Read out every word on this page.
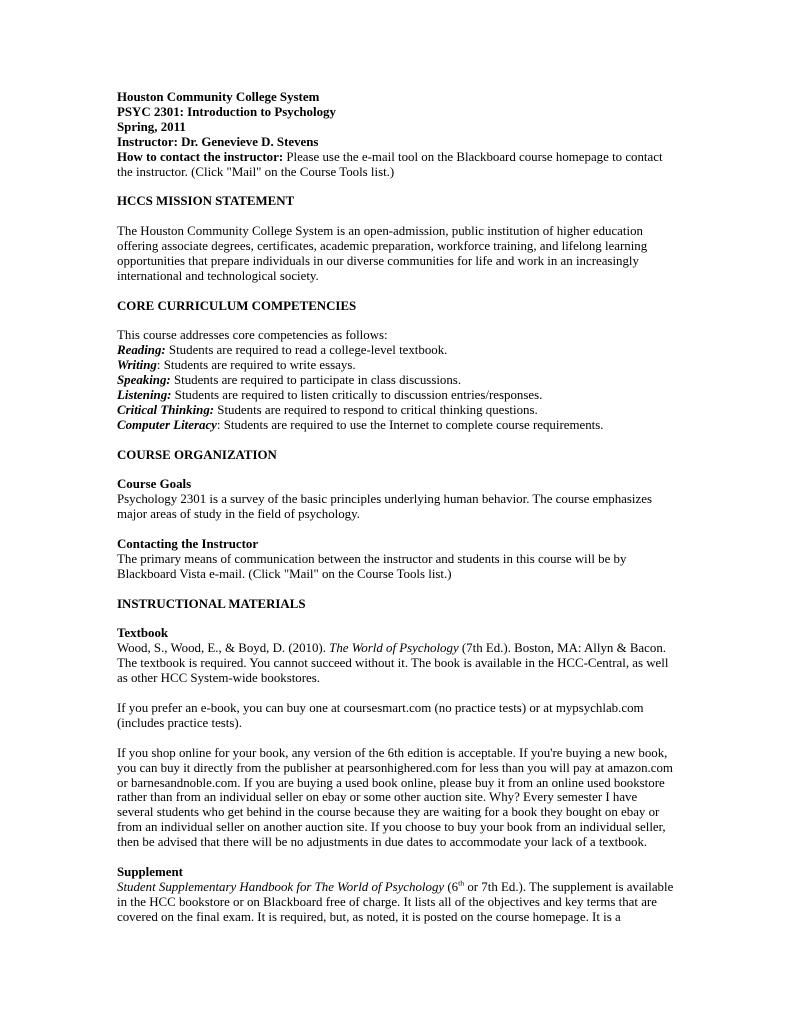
Houston Community College System
PSYC 2301: Introduction to Psychology
Spring, 2011
Instructor: Dr. Genevieve D. Stevens
How to contact the instructor: Please use the e-mail tool on the Blackboard course homepage to contact the instructor. (Click "Mail" on the Course Tools list.)
HCCS MISSION STATEMENT
The Houston Community College System is an open-admission, public institution of higher education offering associate degrees, certificates, academic preparation, workforce training, and lifelong learning opportunities that prepare individuals in our diverse communities for life and work in an increasingly international and technological society.
CORE CURRICULUM COMPETENCIES
This course addresses core competencies as follows:
Reading: Students are required to read a college-level textbook.
Writing: Students are required to write essays.
Speaking: Students are required to participate in class discussions.
Listening: Students are required to listen critically to discussion entries/responses.
Critical Thinking: Students are required to respond to critical thinking questions.
Computer Literacy: Students are required to use the Internet to complete course requirements.
COURSE ORGANIZATION
Course Goals
Psychology 2301 is a survey of the basic principles underlying human behavior. The course emphasizes major areas of study in the field of psychology.
Contacting the Instructor
The primary means of communication between the instructor and students in this course will be by Blackboard Vista e-mail. (Click "Mail" on the Course Tools list.)
INSTRUCTIONAL MATERIALS
Textbook
Wood, S., Wood, E., & Boyd, D. (2010). The World of Psychology (7th Ed.). Boston, MA: Allyn & Bacon. The textbook is required. You cannot succeed without it. The book is available in the HCC-Central, as well as other HCC System-wide bookstores.
If you prefer an e-book, you can buy one at coursesmart.com (no practice tests) or at mypsychlab.com (includes practice tests).
If you shop online for your book, any version of the 6th edition is acceptable. If you're buying a new book, you can buy it directly from the publisher at pearsonhighered.com for less than you will pay at amazon.com or barnesandnoble.com. If you are buying a used book online, please buy it from an online used bookstore rather than from an individual seller on ebay or some other auction site. Why? Every semester I have several students who get behind in the course because they are waiting for a book they bought on ebay or from an individual seller on another auction site. If you choose to buy your book from an individual seller, then be advised that there will be no adjustments in due dates to accommodate your lack of a textbook.
Supplement
Student Supplementary Handbook for The World of Psychology (6th or 7th Ed.). The supplement is available in the HCC bookstore or on Blackboard free of charge. It lists all of the objectives and key terms that are covered on the final exam. It is required, but, as noted, it is posted on the course homepage. It is a
